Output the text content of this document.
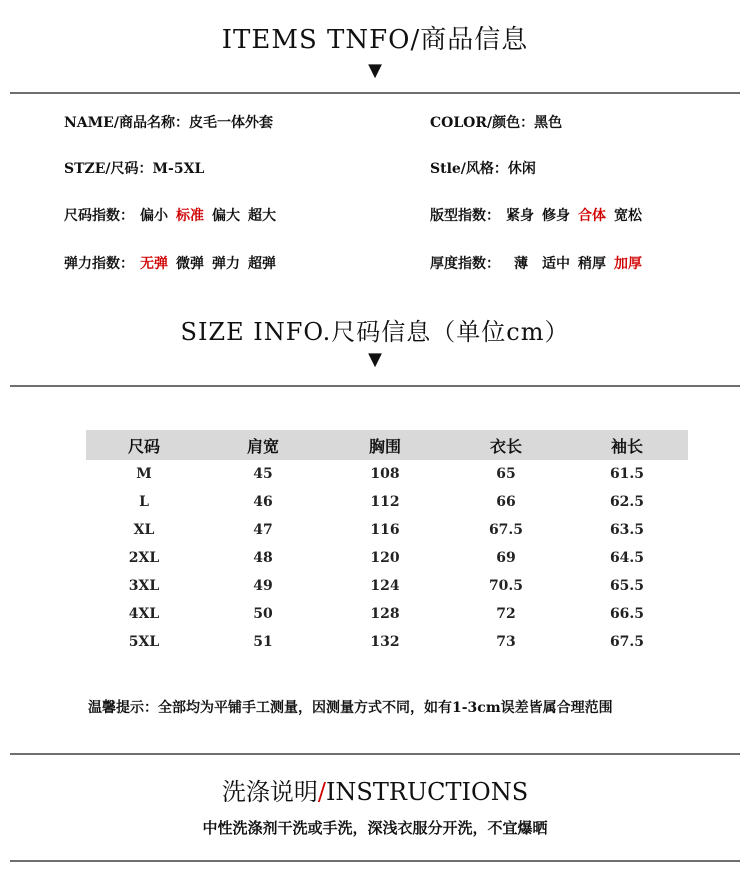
ITEMS TNFO/商品信息
▼
NAME/商品名称：皮毛一体外套	COLOR/颜色：黑色
STZE/尺码：M-5XL	Stle/风格：休闲
尺码指数： 偏小 标准 偏大 超大	版型指数： 紧身 修身 合体 宽松
弹力指数： 无弹 微弹 弹力 超弹	厚度指数： 薄 适中 稍厚 加厚
SIZE INFO.尺码信息（单位cm）
▼
尺码	肩宽	胸围	衣长	袖长
M	45	108	65	61.5
L	46	112	66	62.5
XL	47	116	67.5	63.5
2XL	48	120	69	64.5
3XL	49	124	70.5	65.5
4XL	50	128	72	66.5
5XL	51	132	73	67.5
温馨提示：全部均为平铺手工测量，因测量方式不同，如有1-3cm误差皆属合理范围
洗涤说明/INSTRUCTIONS
中性洗涤剂干洗或手洗，深浅衣服分开洗，不宜爆晒
